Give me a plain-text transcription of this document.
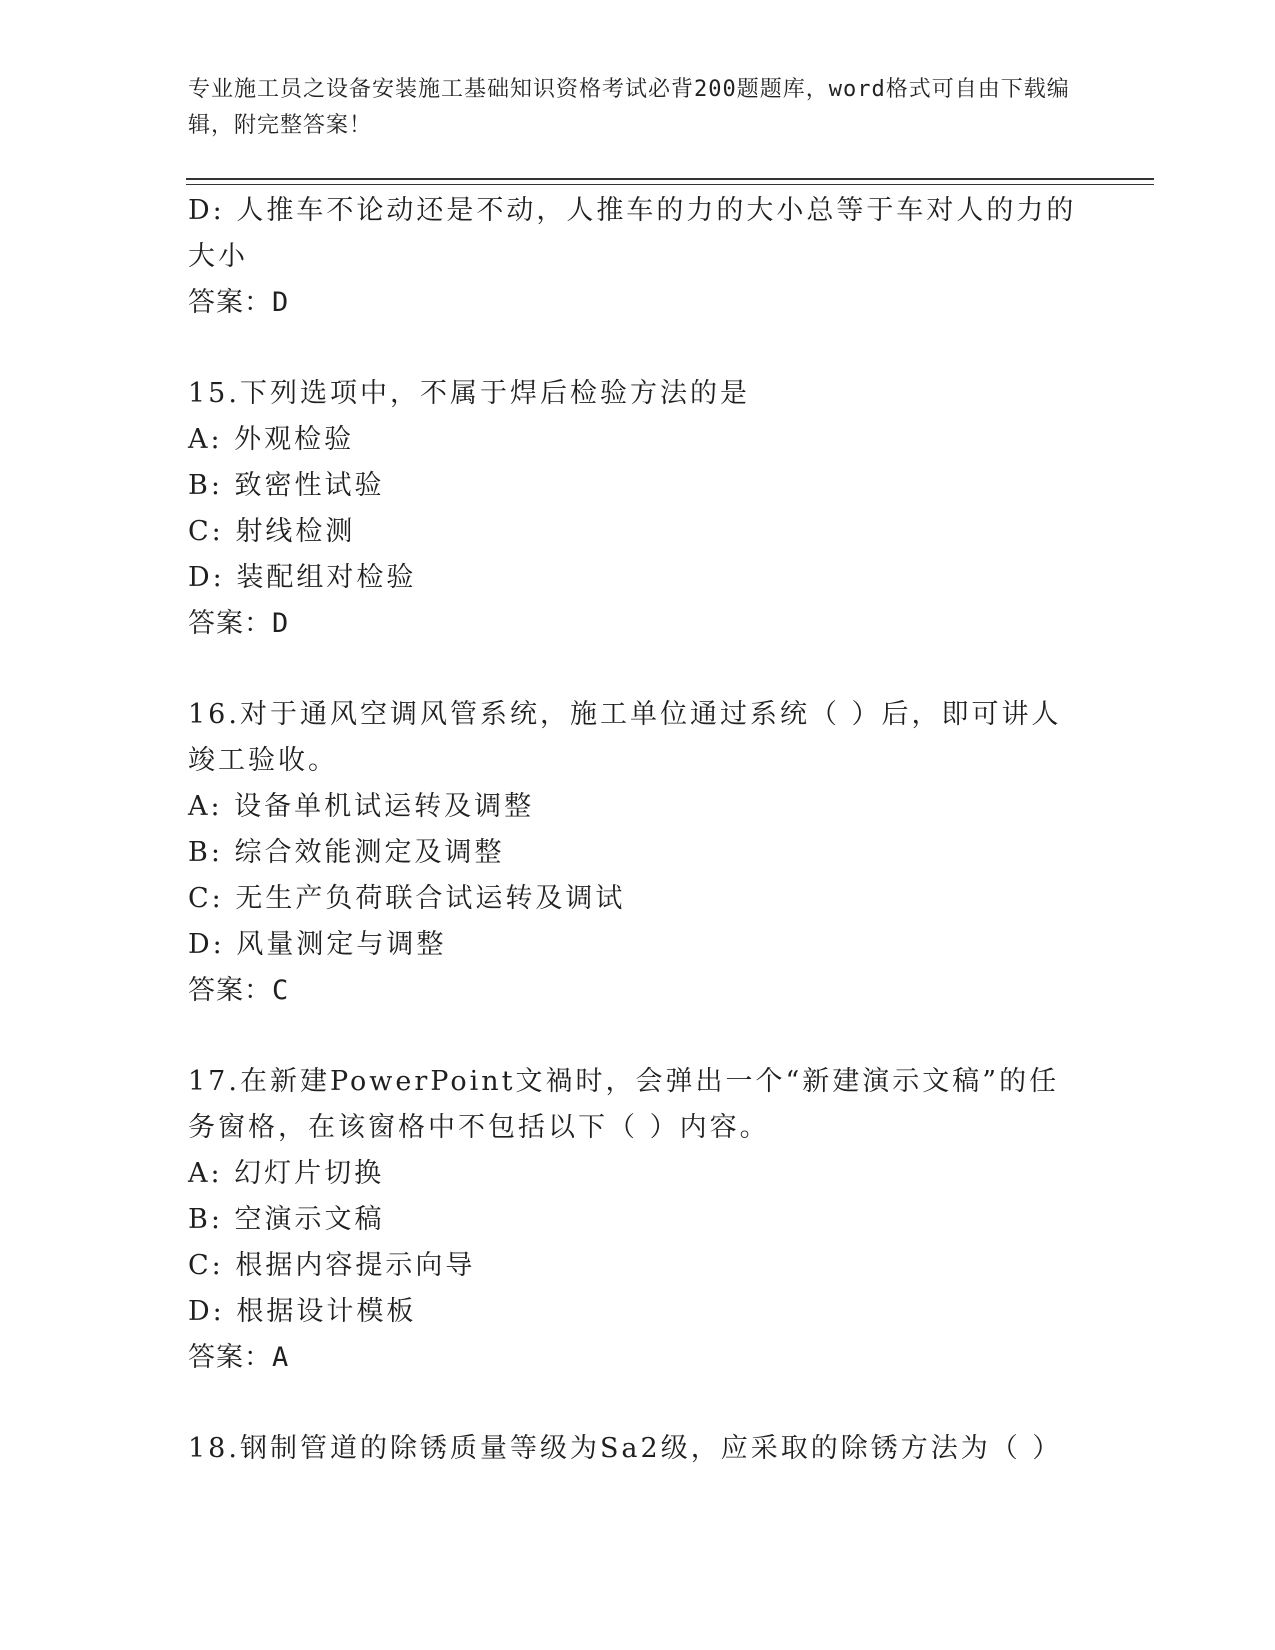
专业施工员之设备安装施工基础知识资格考试必背200题题库，word格式可自由下载编辑，附完整答案！
D: 人推车不论动还是不动，人推车的力的大小总等于车对人的力的大小
答案：D
15.下列选项中，不属于焊后检验方法的是
A: 外观检验
B: 致密性试验
C: 射线检测
D: 装配组对检验
答案：D
16.对于通风空调风管系统，施工单位通过系统（ ）后，即可讲人竣工验收。
A: 设备单机试运转及调整
B: 综合效能测定及调整
C: 无生产负荷联合试运转及调试
D: 风量测定与调整
答案：C
17.在新建PowerPoint文禍时，会弹出一个“新建演示文稿”的任务窗格，在该窗格中不包括以下（ ）内容。
A: 幻灯片切换
B: 空演示文稿
C: 根据内容提示向导
D: 根据设计模板
答案：A
18.钢制管道的除锈质量等级为Sa2级，应采取的除锈方法为（ ）
